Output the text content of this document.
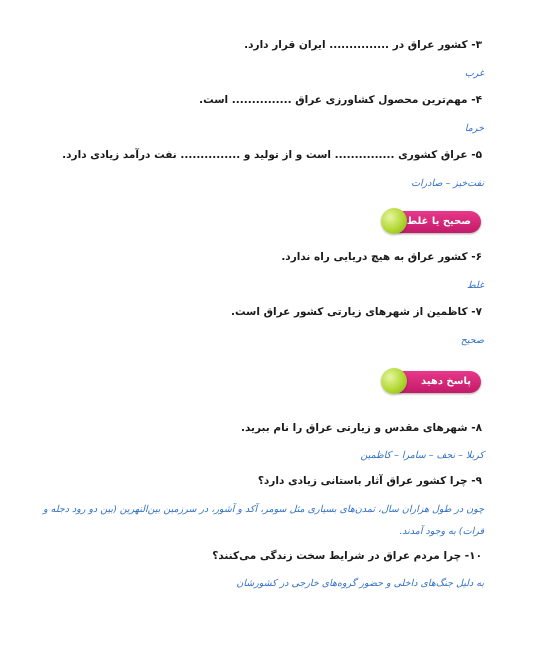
۳- کشور عراق در ............... ایران قرار دارد.
غرب
۴- مهم‌ترین محصول کشاورزی عراق ............... است.
خرما
۵- عراق کشوری ............... است و از تولید و ............... نفت درآمد زیادی دارد.
نفت‌خیز – صادرات
صحیح یا غلط
۶- کشور عراق به هیچ دریایی راه ندارد.
غلط
۷- کاظمین از شهرهای زیارتی کشور عراق است.
صحیح
پاسخ دهید
۸- شهرهای مقدس و زیارتی عراق را نام ببرید.
کربلا – نجف – سامرا – کاظمین
۹- چرا کشور عراق آثار باستانی زیادی دارد؟
چون در طول هزاران سال، تمدن‌های بسیاری مثل سومر، آکد و آشور، در سرزمین بین‌النهرین (بین دو رود دجله و فرات) به وجود آمدند.
۱۰- چرا مردم عراق در شرایط سخت زندگی می‌کنند؟
به دلیل جنگ‌های داخلی و حضور گروه‌های خارجی در کشورشان
